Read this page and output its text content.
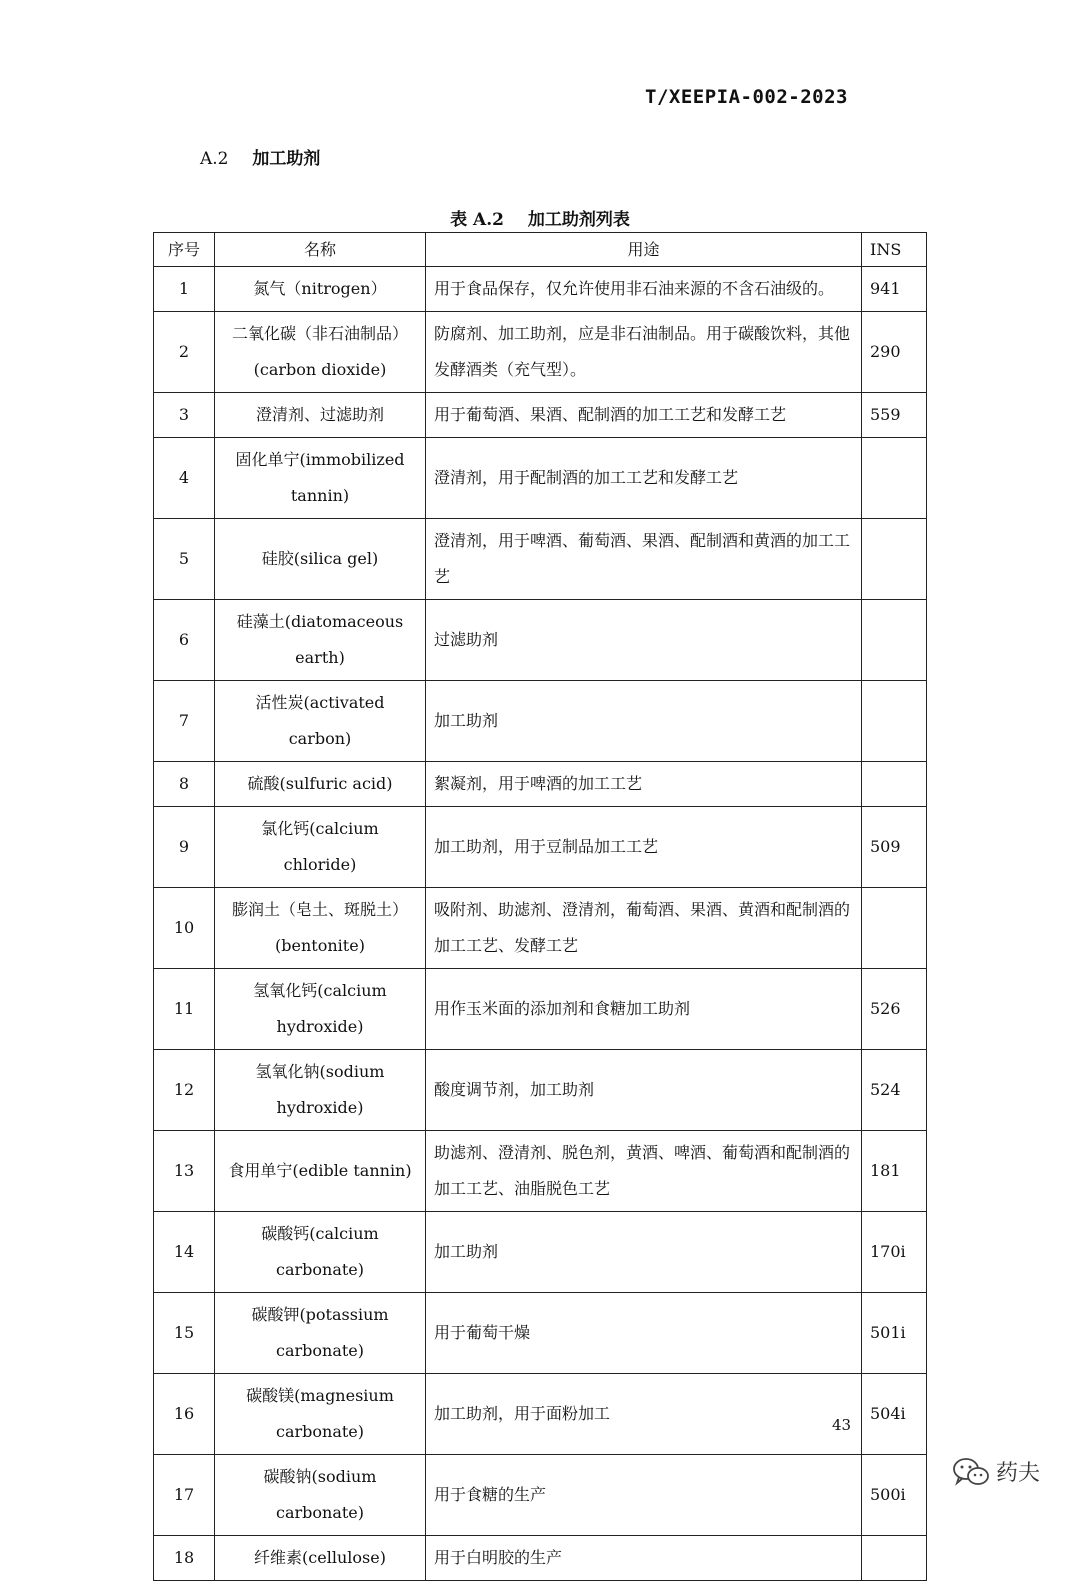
T/XEEPIA-002-2023
A.2 加工助剂
表 A.2 加工助剂列表
序号	名称	用途	INS
1	氮气（nitrogen）	用于食品保存，仅允许使用非石油来源的不含石油级的。	941
2	二氧化碳（非石油制品）(carbon dioxide)	防腐剂、加工助剂，应是非石油制品。用于碳酸饮料，其他发酵酒类（充气型）。	290
3	澄清剂、过滤助剂	用于葡萄酒、果酒、配制酒的加工工艺和发酵工艺	559
4	固化单宁(immobilized tannin)	澄清剂，用于配制酒的加工工艺和发酵工艺	
5	硅胶(silica gel)	澄清剂，用于啤酒、葡萄酒、果酒、配制酒和黄酒的加工工艺	
6	硅藻土(diatomaceous earth)	过滤助剂	
7	活性炭(activated carbon)	加工助剂	
8	硫酸(sulfuric acid)	絮凝剂，用于啤酒的加工工艺	
9	氯化钙(calcium chloride)	加工助剂，用于豆制品加工工艺	509
10	膨润土（皂土、斑脱土）(bentonite)	吸附剂、助滤剂、澄清剂，葡萄酒、果酒、黄酒和配制酒的加工工艺、发酵工艺	
11	氢氧化钙(calcium hydroxide)	用作玉米面的添加剂和食糖加工助剂	526
12	氢氧化钠(sodium hydroxide)	酸度调节剂，加工助剂	524
13	食用单宁(edible tannin)	助滤剂、澄清剂、脱色剂，黄酒、啤酒、葡萄酒和配制酒的加工工艺、油脂脱色工艺	181
14	碳酸钙(calcium carbonate)	加工助剂	170i
15	碳酸钾(potassium carbonate)	用于葡萄干燥	501i
16	碳酸镁(magnesium carbonate)	加工助剂，用于面粉加工	504i
17	碳酸钠(sodium carbonate)	用于食糖的生产	500i
18	纤维素(cellulose)	用于白明胶的生产	
43
药夫
